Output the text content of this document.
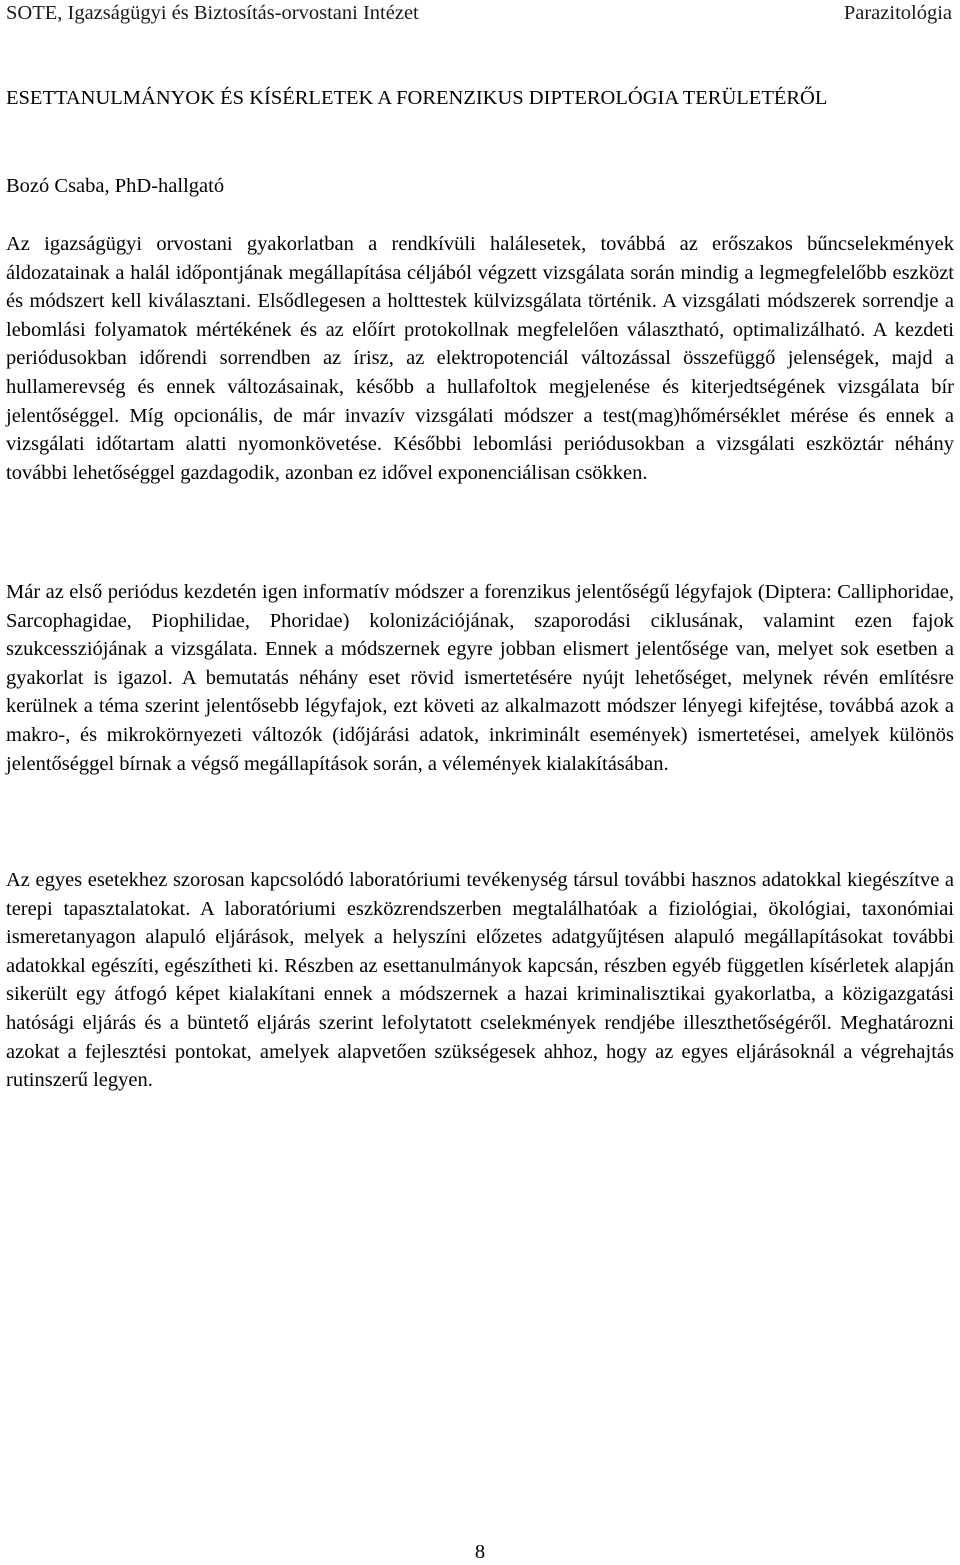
SOTE, Igazságügyi és Biztosítás-orvostani Intézet	Parazitológia
ESETTANULMÁNYOK ÉS KÍSÉRLETEK A FORENZIKUS DIPTEROLÓGIA TERÜLETÉRŐL

Bozó Csaba, PhD-hallgató

Az igazságügyi orvostani gyakorlatban a rendkívüli halálesetek, továbbá az erőszakos bűncselekmények áldozatainak a halál időpontjának megállapítása céljából végzett vizsgálata során mindig a legmegfelelőbb eszközt és módszert kell kiválasztani. Elsődlegesen a holttestek külvizsgálata történik. A vizsgálati módszerek sorrendje a lebomlási folyamatok mértékének és az előírt protokollnak megfelelően választható, optimalizálható. A kezdeti periódusokban időrendi sorrendben az írisz, az elektropotenciál változással összefüggő jelenségek, majd a hullamerevség és ennek változásainak, később a hullafoltok megjelenése és kiterjedtségének vizsgálata bír jelentőséggel. Míg opcionális, de már invazív vizsgálati módszer a test(mag)hőmérséklet mérése és ennek a vizsgálati időtartam alatti nyomonkövetése. Későbbi lebomlási periódusokban a vizsgálati eszköztár néhány további lehetőséggel gazdagodik, azonban ez idővel exponenciálisan csökken.

Már az első periódus kezdetén igen informatív módszer a forenzikus jelentőségű légyfajok (Diptera: Calliphoridae, Sarcophagidae, Piophilidae, Phoridae) kolonizációjának, szaporodási ciklusának, valamint ezen fajok szukcessziójának a vizsgálata. Ennek a módszernek egyre jobban elismert jelentősége van, melyet sok esetben a gyakorlat is igazol. A bemutatás néhány eset rövid ismertetésére nyújt lehetőséget, melynek révén említésre kerülnek a téma szerint jelentősebb légyfajok, ezt követi az alkalmazott módszer lényegi kifejtése, továbbá azok a makro-, és mikrokörnyezeti változók (időjárási adatok, inkriminált események) ismertetései, amelyek különös jelentőséggel bírnak a végső megállapítások során, a vélemények kialakításában.

Az egyes esetekhez szorosan kapcsolódó laboratóriumi tevékenység társul további hasznos adatokkal kiegészítve a terepi tapasztalatokat. A laboratóriumi eszközrendszerben megtalálhatóak a fiziológiai, ökológiai, taxonómiai ismeretanyagon alapuló eljárások, melyek a helyszíni előzetes adatgyűjtésen alapuló megállapításokat további adatokkal egészíti, egészítheti ki. Részben az esettanulmányok kapcsán, részben egyéb független kísérletek alapján sikerült egy átfogó képet kialakítani ennek a módszernek a hazai kriminalisztikai gyakorlatba, a közigazgatási hatósági eljárás és a büntető eljárás szerint lefolytatott cselekmények rendjébe illeszthetőségéről. Meghatározni azokat a fejlesztési pontokat, amelyek alapvetően szükségesek ahhoz, hogy az egyes eljárásoknál a végrehajtás rutinszerű legyen.

8
